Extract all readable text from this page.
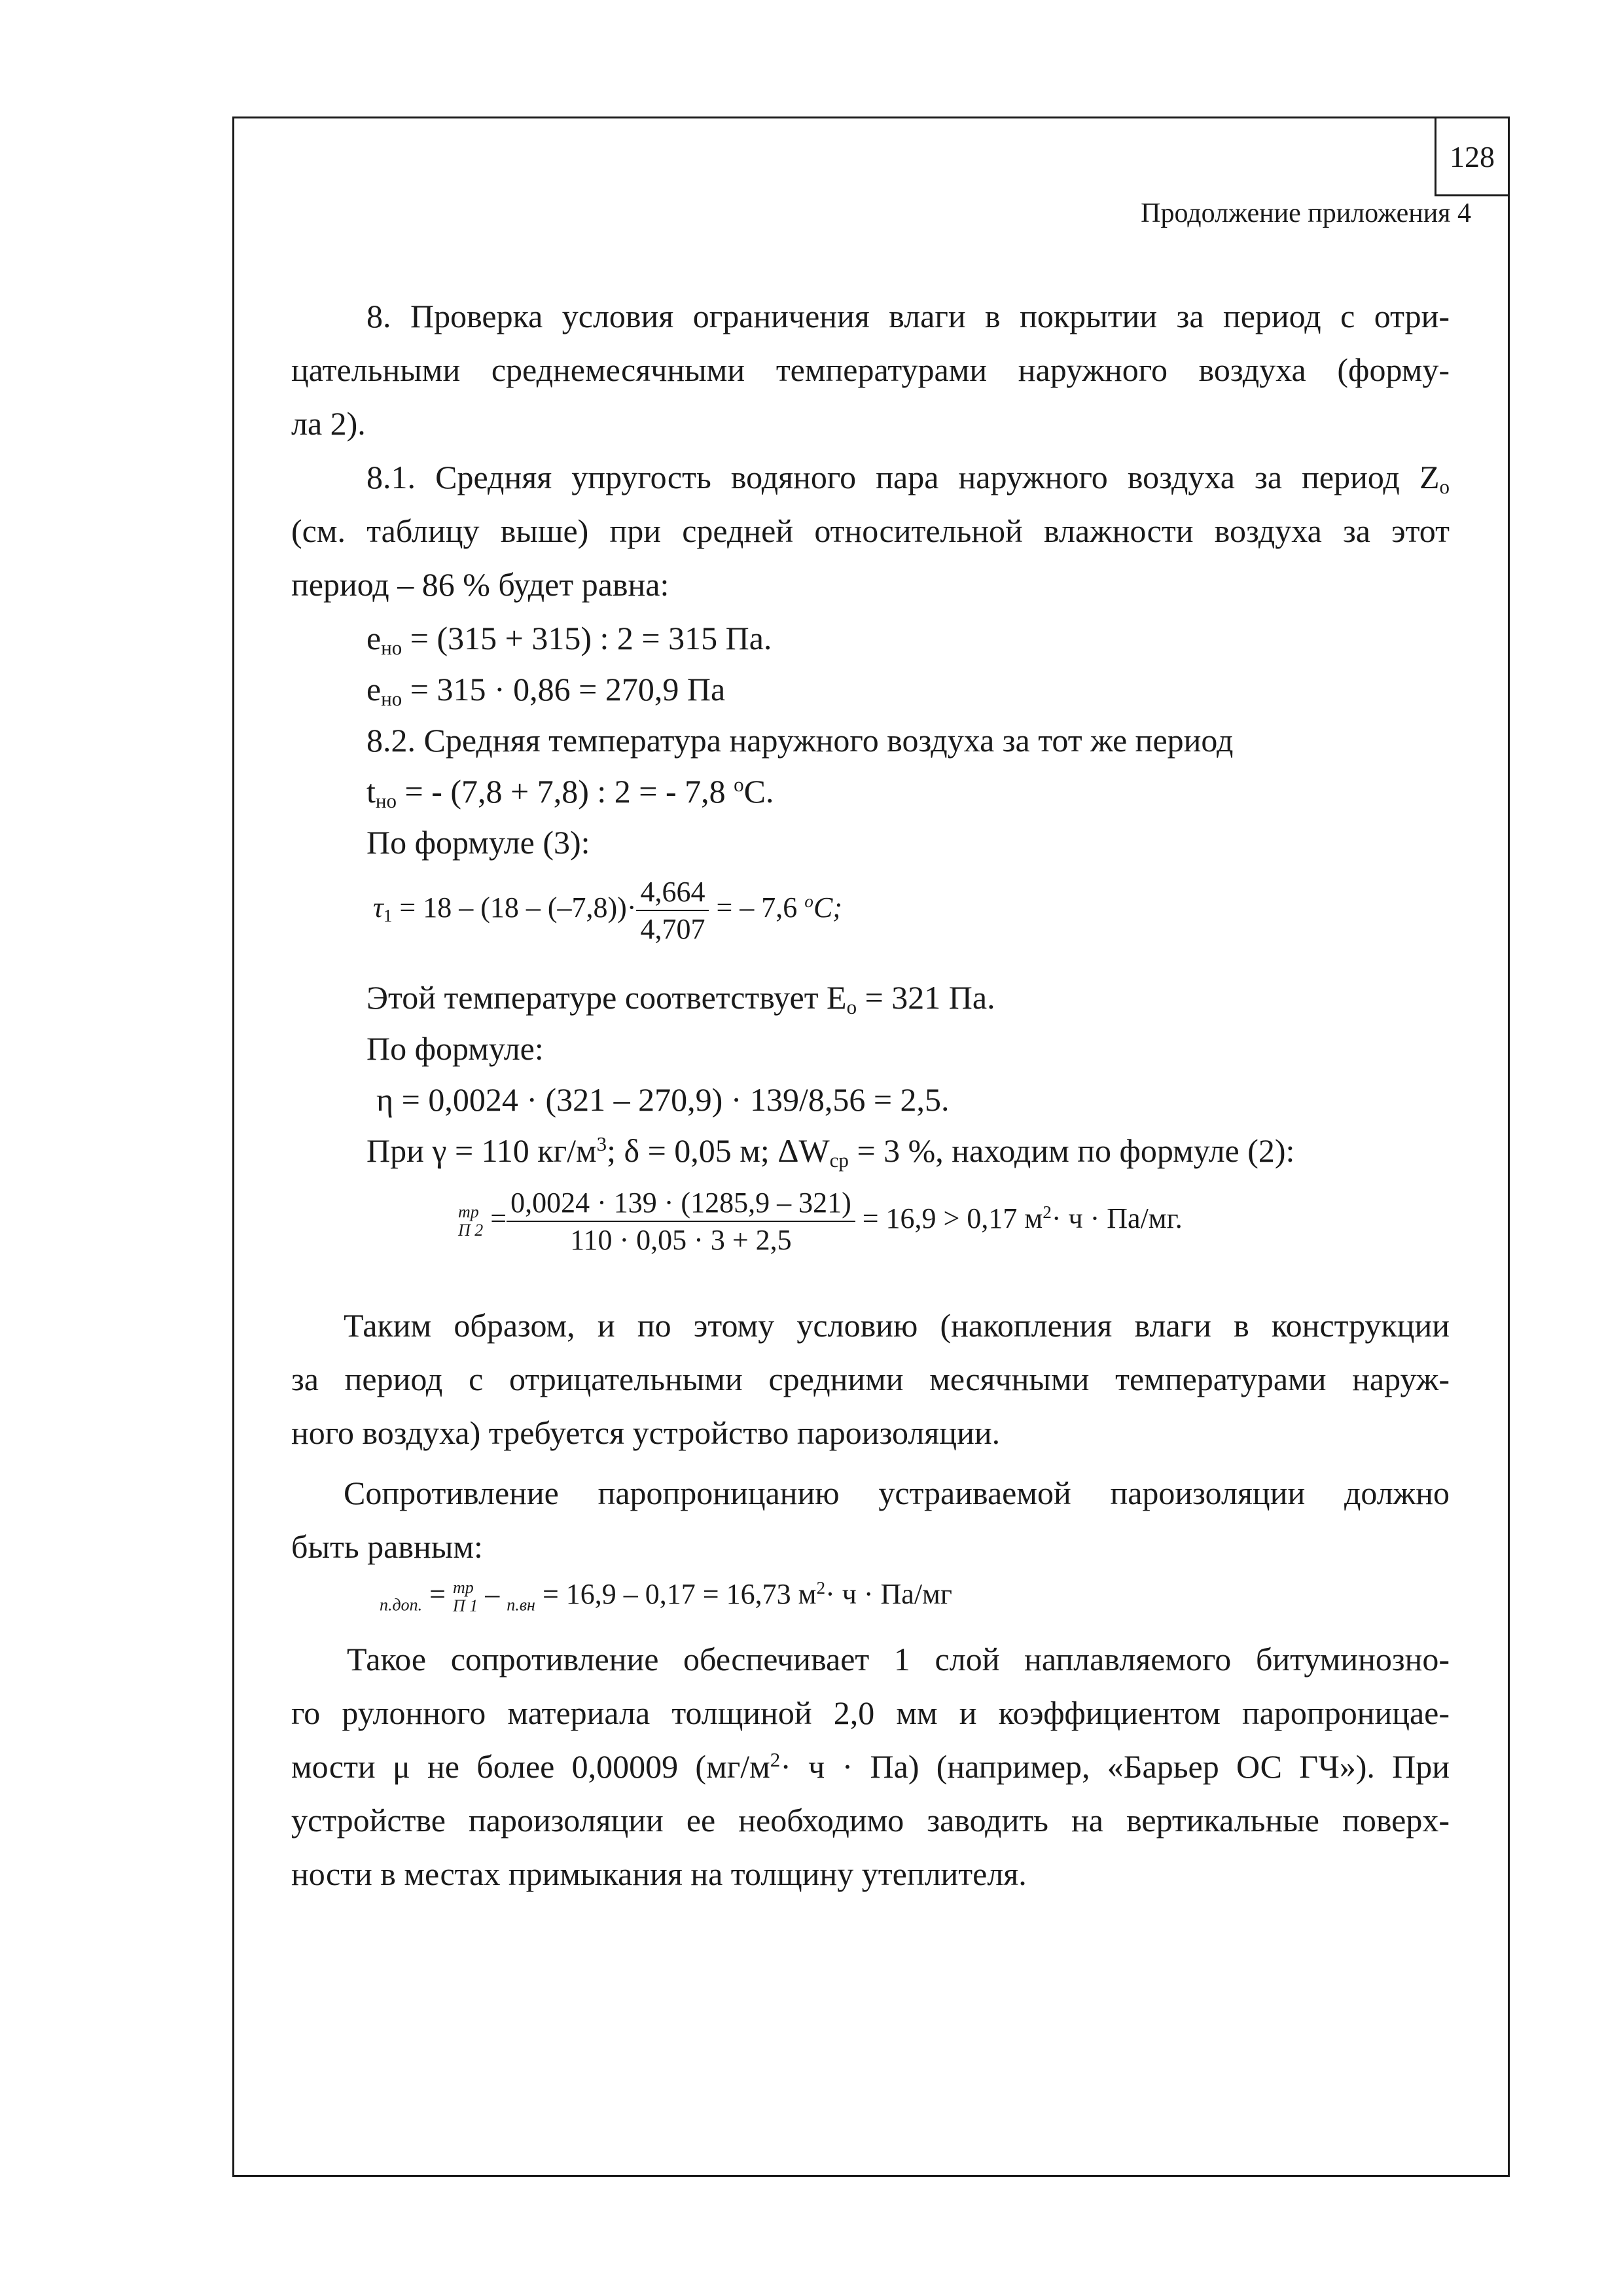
128
Продолжение приложения 4
8. Проверка условия ограничения влаги в покрытии за период с отри-
цательными среднемесячными температурами наружного воздуха (форму-
ла 2).
8.1. Средняя упругость водяного пара наружного воздуха за период $Z_о$
(см. таблицу выше) при средней относительной влажности воздуха за этот
период – 86 % будет равна:
$e_{но} = (315 + 315)$ : 2 = 315 Па.
$e_{но} = 315 \cdot 0,86 = 270,9$ Па
8.2. Средняя температура наружного воздуха за тот же период
$t_{но}$ = - (7,8 + 7,8) : 2 = - 7,8 $^о$С.
По формуле (3):
$\tau_1 = 18 - (18 - (-7,8))\cdot \frac{4,664}{4,707}$ = – 7,6 $^o$C;
Этой температуре соответствует $E_о = 321$ Па.
По формуле:
η = 0,0024 · (321 – 270,9) · 139/8,56 = 2,5.
При γ = 110 $кг/м^3$; δ = 0,05 м; $\Delta W_{ср} = 3$ %, находим по формуле (2):
тр
П $2 = \frac{0,0024 \cdot 139 \cdot (1285,9 - 321)}{110 \cdot 0,05 \cdot 3 + 2,5} = 16,9 > 0,17$ $м^2\cdot ч \cdot Па/мг$.
Таким образом, и по этому условию (накопления влаги в конструкции
за период с отрицательными средними месячными температурами наруж-
ного воздуха) требуется устройство пароизоляции.
Сопротивление паропроницанию устраиваемой пароизоляции должно
быть равным:
$_{п.доп.}$ = тр
П 1 – $_{п.вн}$ = 16,9 – 0,17 = 16,73 $м^2\cdot ч \cdot Па/мг$
Такое сопротивление обеспечивает 1 слой наплавляемого битуминозно-
го рулонного материала толщиной 2,0 мм и коэффициентом паропроницае-
мости μ не более 0,00009 $(мг/м^2\cdot ч \cdot Па)$ (например, «Барьер ОС ГЧ»). При
устройстве пароизоляции ее необходимо заводить на вертикальные поверх-
ности в местах примыкания на толщину утеплителя.
